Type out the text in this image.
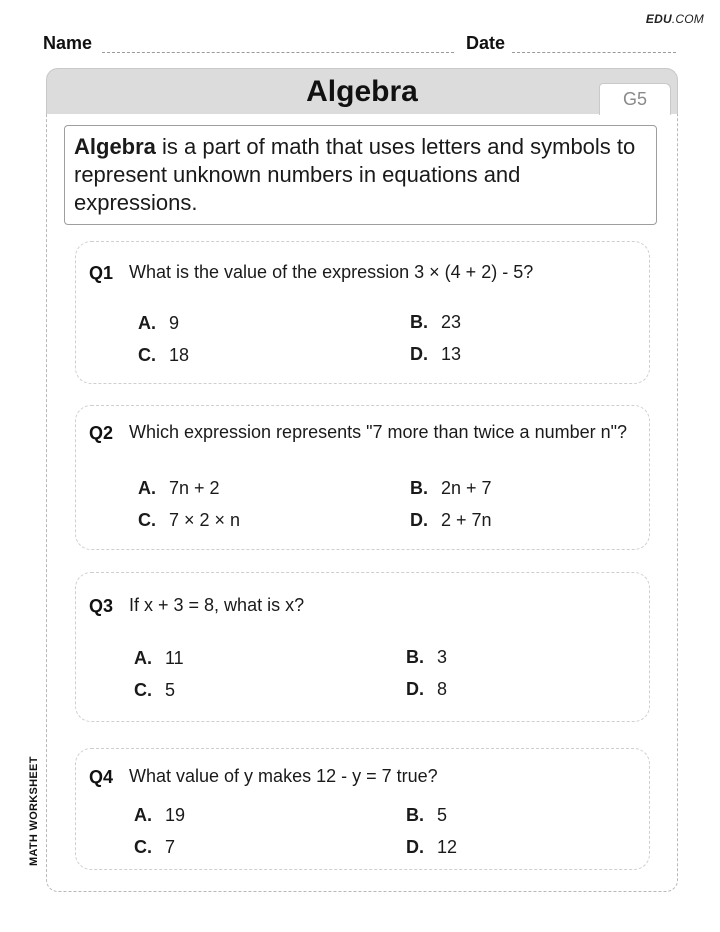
EDU.COM
Name	Date
MATH WORKSHEET
Algebra	G5
Algebra is a part of math that uses letters and symbols to represent unknown numbers in equations and expressions.
Q1 What is the value of the expression 3 × (4 + 2) - 5?
A. 9	B. 23
C. 18	D. 13
Q2 Which expression represents "7 more than twice a number n"?
A. 7n + 2	B. 2n + 7
C. 7 × 2 × n	D. 2 + 7n
Q3 If x + 3 = 8, what is x?
A. 11	B. 3
C. 5	D. 8
Q4 What value of y makes 12 - y = 7 true?
A. 19	B. 5
C. 7	D. 12
